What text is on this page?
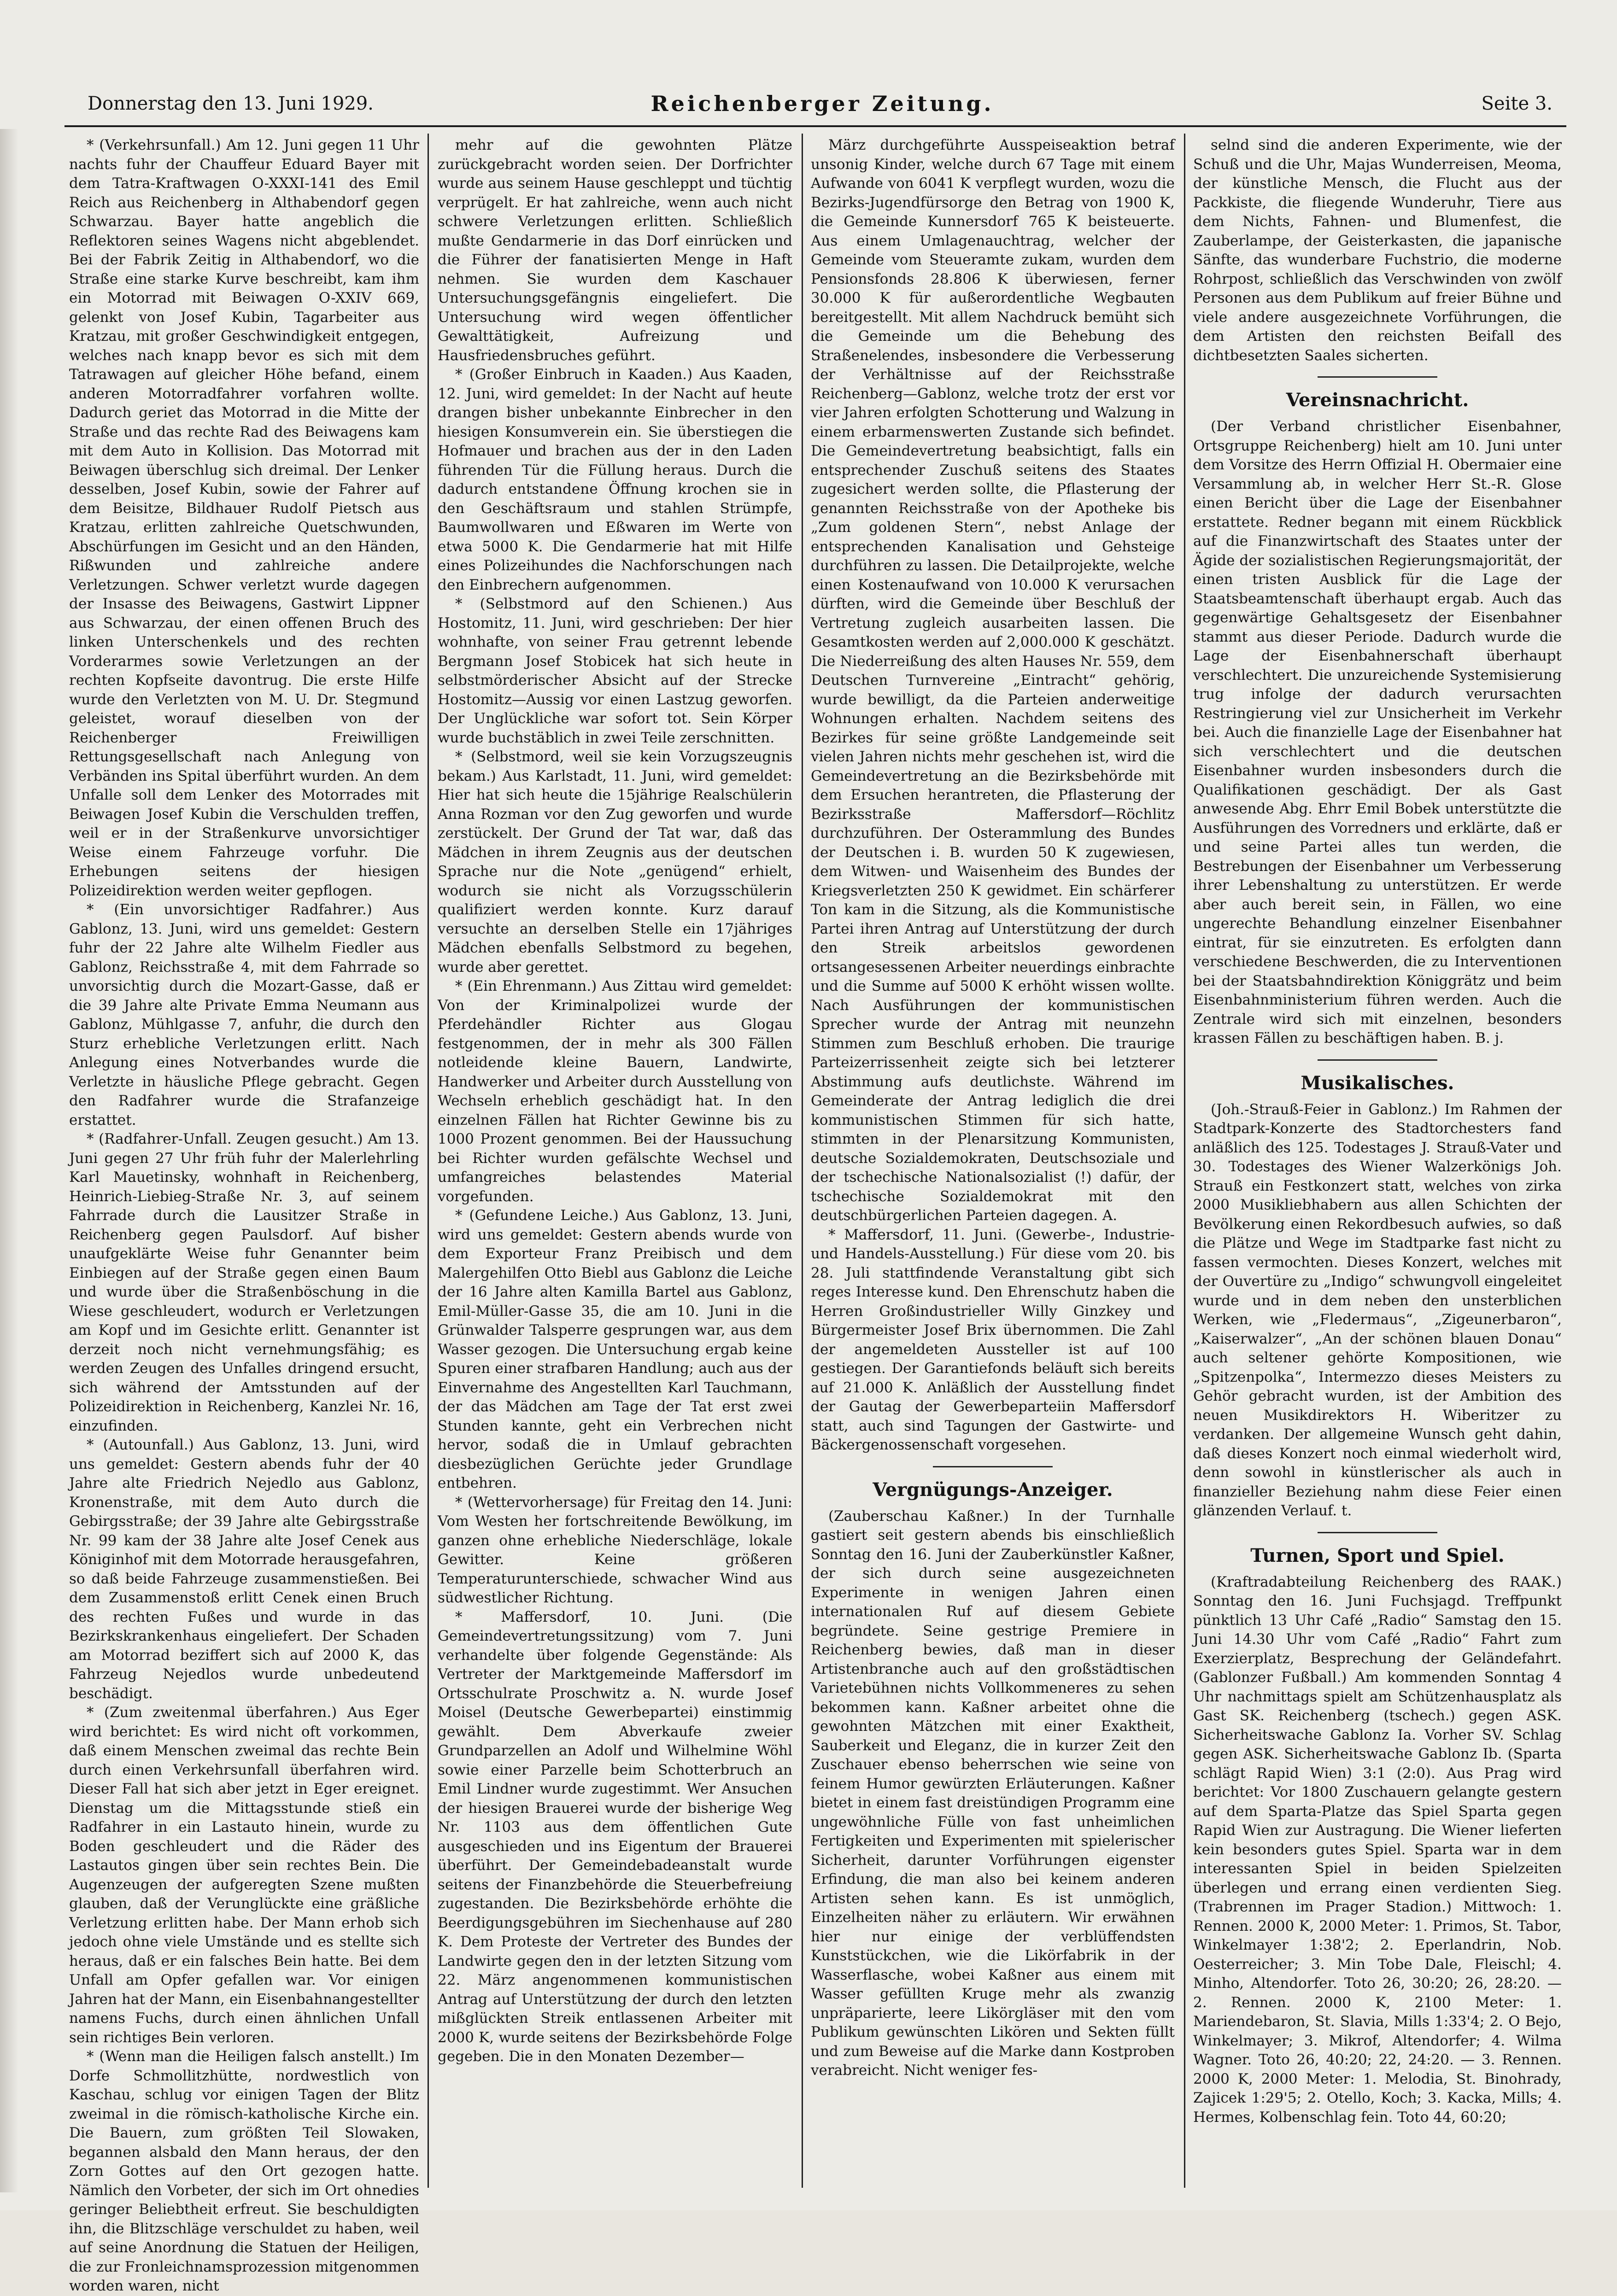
Donnerstag den 13. Juni 1929.	Reichenberger Zeitung.	Seite 3.

* (Verkehrsunfall.) Am 12. Juni gegen 11 Uhr nachts fuhr der Chauffeur Eduard Bayer mit dem Tatra-Kraftwagen O-XXXI-141 des Emil Reich aus Reichenberg in Althabendorf gegen Schwarzau. Bayer hatte angeblich die Reflektoren seines Wagens nicht abgeblendet. Bei der Fabrik Zeitig in Althabendorf, wo die Straße eine starke Kurve beschreibt, kam ihm ein Motorrad mit Beiwagen O-XXIV 669, gelenkt von Josef Kubin, Tagarbeiter aus Kratzau, mit großer Geschwindigkeit entgegen, welches nach knapp bevor es sich mit dem Tatrawagen auf gleicher Höhe befand, einem anderen Motorradfahrer vorfahren wollte. Dadurch geriet das Motorrad in die Mitte der Straße und das rechte Rad des Beiwagens kam mit dem Auto in Kollision. Das Motorrad mit Beiwagen überschlug sich dreimal. Der Lenker desselben, Josef Kubin, sowie der Fahrer auf dem Beisitze, Bildhauer Rudolf Pietsch aus Kratzau, erlitten zahlreiche Quetschwunden, Abschürfungen im Gesicht und an den Händen, Rißwunden und zahlreiche andere Verletzungen. Schwer verletzt wurde dagegen der Insasse des Beiwagens, Gastwirt Lippner aus Schwarzau, der einen offenen Bruch des linken Unterschenkels und des rechten Vorderarmes sowie Verletzungen an der rechten Kopfseite davontrug. Die erste Hilfe wurde den Verletzten von M. U. Dr. Stegmund geleistet, worauf dieselben von der Reichenberger Freiwilligen Rettungsgesellschaft nach Anlegung von Verbänden ins Spital überführt wurden. An dem Unfalle soll dem Lenker des Motorrades mit Beiwagen Josef Kubin die Verschulden treffen, weil er in der Straßenkurve unvorsichtiger Weise einem Fahrzeuge vorfuhr. Die Erhebungen seitens der hiesigen Polizeidirektion werden weiter gepflogen.

* (Ein unvorsichtiger Radfahrer.) Aus Gablonz, 13. Juni, wird uns gemeldet: Gestern fuhr der 22 Jahre alte Wilhelm Fiedler aus Gablonz, Reichsstraße 4, mit dem Fahrrade so unvorsichtig durch die Mozart-Gasse, daß er die 39 Jahre alte Private Emma Neumann aus Gablonz, Mühlgasse 7, anfuhr, die durch den Sturz erhebliche Verletzungen erlitt. Nach Anlegung eines Notverbandes wurde die Verletzte in häusliche Pflege gebracht. Gegen den Radfahrer wurde die Strafanzeige erstattet.

* (Radfahrer-Unfall. Zeugen gesucht.) Am 13. Juni gegen 27 Uhr früh fuhr der Malerlehrling Karl Mauetinsky, wohnhaft in Reichenberg, Heinrich-Liebieg-Straße Nr. 3, auf seinem Fahrrade durch die Lausitzer Straße in Reichenberg gegen Paulsdorf. Auf bisher unaufgeklärte Weise fuhr Genannter beim Einbiegen auf der Straße gegen einen Baum und wurde über die Straßenböschung in die Wiese geschleudert, wodurch er Verletzungen am Kopf und im Gesichte erlitt. Genannter ist derzeit noch nicht vernehmungsfähig; es werden Zeugen des Unfalles dringend ersucht, sich während der Amtsstunden auf der Polizeidirektion in Reichenberg, Kanzlei Nr. 16, einzufinden.

* (Autounfall.) Aus Gablonz, 13. Juni, wird uns gemeldet: Gestern abends fuhr der 40 Jahre alte Friedrich Nejedlo aus Gablonz, Kronenstraße, mit dem Auto durch die Gebirgsstraße; der 39 Jahre alte Gebirgsstraße Nr. 99 kam der 38 Jahre alte Josef Cenek aus Königinhof mit dem Motorrade herausgefahren, so daß beide Fahrzeuge zusammenstießen. Bei dem Zusammenstoß erlitt Cenek einen Bruch des rechten Fußes und wurde in das Bezirkskrankenhaus eingeliefert. Der Schaden am Motorrad beziffert sich auf 2000 K, das Fahrzeug Nejedlos wurde unbedeutend beschädigt.

* (Zum zweitenmal überfahren.) Aus Eger wird berichtet: Es wird nicht oft vorkommen, daß einem Menschen zweimal das rechte Bein durch einen Verkehrsunfall überfahren wird. Dieser Fall hat sich aber jetzt in Eger ereignet. Dienstag um die Mittagsstunde stieß ein Radfahrer in ein Lastauto hinein, wurde zu Boden geschleudert und die Räder des Lastautos gingen über sein rechtes Bein. Die Augenzeugen der aufgeregten Szene mußten glauben, daß der Verunglückte eine gräßliche Verletzung erlitten habe. Der Mann erhob sich jedoch ohne viele Umstände und es stellte sich heraus, daß er ein falsches Bein hatte. Bei dem Unfall am Opfer gefallen war. Vor einigen Jahren hat der Mann, ein Eisenbahnangestellter namens Fuchs, durch einen ähnlichen Unfall sein richtiges Bein verloren.

* (Wenn man die Heiligen falsch anstellt.) Im Dorfe Schmollitzhütte, nordwestlich von Kaschau, schlug vor einigen Tagen der Blitz zweimal in die römisch-katholische Kirche ein. Die Bauern, zum größten Teil Slowaken, begannen alsbald den Mann heraus, der den Zorn Gottes auf den Ort gezogen hatte. Nämlich den Vorbeter, der sich im Ort ohnedies geringer Beliebtheit erfreut. Sie beschuldigten ihn, die Blitzschläge verschuldet zu haben, weil auf seine Anordnung die Statuen der Heiligen, die zur Fronleichnamsprozession mitgenommen worden waren, nicht

mehr auf die gewohnten Plätze zurückgebracht worden seien. Der Dorfrichter wurde aus seinem Hause geschleppt und tüchtig verprügelt. Er hat zahlreiche, wenn auch nicht schwere Verletzungen erlitten. Schließlich mußte Gendarmerie in das Dorf einrücken und die Führer der fanatisierten Menge in Haft nehmen. Sie wurden dem Kaschauer Untersuchungsgefängnis eingeliefert. Die Untersuchung wird wegen öffentlicher Gewalttätigkeit, Aufreizung und Hausfriedensbruches geführt.

* (Großer Einbruch in Kaaden.) Aus Kaaden, 12. Juni, wird gemeldet: In der Nacht auf heute drangen bisher unbekannte Einbrecher in den hiesigen Konsumverein ein. Sie überstiegen die Hofmauer und brachen aus der in den Laden führenden Tür die Füllung heraus. Durch die dadurch entstandene Öffnung krochen sie in den Geschäftsraum und stahlen Strümpfe, Baumwollwaren und Eßwaren im Werte von etwa 5000 K. Die Gendarmerie hat mit Hilfe eines Polizeihundes die Nachforschungen nach den Einbrechern aufgenommen.

* (Selbstmord auf den Schienen.) Aus Hostomitz, 11. Juni, wird geschrieben: Der hier wohnhafte, von seiner Frau getrennt lebende Bergmann Josef Stobicek hat sich heute in selbstmörderischer Absicht auf der Strecke Hostomitz—Aussig vor einen Lastzug geworfen. Der Unglückliche war sofort tot. Sein Körper wurde buchstäblich in zwei Teile zerschnitten.

* (Selbstmord, weil sie kein Vorzugszeugnis bekam.) Aus Karlstadt, 11. Juni, wird gemeldet: Hier hat sich heute die 15jährige Realschülerin Anna Rozman vor den Zug geworfen und wurde zerstückelt. Der Grund der Tat war, daß das Mädchen in ihrem Zeugnis aus der deutschen Sprache nur die Note „genügend“ erhielt, wodurch sie nicht als Vorzugsschülerin qualifiziert werden konnte. Kurz darauf versuchte an derselben Stelle ein 17jähriges Mädchen ebenfalls Selbstmord zu begehen, wurde aber gerettet.

* (Ein Ehrenmann.) Aus Zittau wird gemeldet: Von der Kriminalpolizei wurde der Pferdehändler Richter aus Glogau festgenommen, der in mehr als 300 Fällen notleidende kleine Bauern, Landwirte, Handwerker und Arbeiter durch Ausstellung von Wechseln erheblich geschädigt hat. In den einzelnen Fällen hat Richter Gewinne bis zu 1000 Prozent genommen. Bei der Haussuchung bei Richter wurden gefälschte Wechsel und umfangreiches belastendes Material vorgefunden.

* (Gefundene Leiche.) Aus Gablonz, 13. Juni, wird uns gemeldet: Gestern abends wurde von dem Exporteur Franz Preibisch und dem Malergehilfen Otto Biebl aus Gablonz die Leiche der 16 Jahre alten Kamilla Bartel aus Gablonz, Emil-Müller-Gasse 35, die am 10. Juni in die Grünwalder Talsperre gesprungen war, aus dem Wasser gezogen. Die Untersuchung ergab keine Spuren einer strafbaren Handlung; auch aus der Einvernahme des Angestellten Karl Tauchmann, der das Mädchen am Tage der Tat erst zwei Stunden kannte, geht ein Verbrechen nicht hervor, sodaß die in Umlauf gebrachten diesbezüglichen Gerüchte jeder Grundlage entbehren.

* (Wettervorhersage) für Freitag den 14. Juni: Vom Westen her fortschreitende Bewölkung, im ganzen ohne erhebliche Niederschläge, lokale Gewitter. Keine größeren Temperaturunterschiede, schwacher Wind aus südwestlicher Richtung.

* Maffersdorf, 10. Juni. (Die Gemeindevertretungssitzung) vom 7. Juni verhandelte über folgende Gegenstände: Als Vertreter der Marktgemeinde Maffersdorf im Ortsschulrate Proschwitz a. N. wurde Josef Moisel (Deutsche Gewerbepartei) einstimmig gewählt. Dem Abverkaufe zweier Grundparzellen an Adolf und Wilhelmine Wöhl sowie einer Parzelle beim Schotterbruch an Emil Lindner wurde zugestimmt. Wer Ansuchen der hiesigen Brauerei wurde der bisherige Weg Nr. 1103 aus dem öffentlichen Gute ausgeschieden und ins Eigentum der Brauerei überführt. Der Gemeindebadeanstalt wurde seitens der Finanzbehörde die Steuerbefreiung zugestanden. Die Bezirksbehörde erhöhte die Beerdigungsgebühren im Siechenhause auf 280 K. Dem Proteste der Vertreter des Bundes der Landwirte gegen den in der letzten Sitzung vom 22. März angenommenen kommunistischen Antrag auf Unterstützung der durch den letzten mißglückten Streik entlassenen Arbeiter mit 2000 K, wurde seitens der Bezirksbehörde Folge gegeben. Die in den Monaten Dezember—

März durchgeführte Ausspeiseaktion betraf unsonig Kinder, welche durch 67 Tage mit einem Aufwande von 6041 K verpflegt wurden, wozu die Bezirks-Jugendfürsorge den Betrag von 1900 K, die Gemeinde Kunnersdorf 765 K beisteuerte. Aus einem Umlagenauchtrag, welcher der Gemeinde vom Steueramte zukam, wurden dem Pensionsfonds 28.806 K überwiesen, ferner 30.000 K für außerordentliche Wegbauten bereitgestellt. Mit allem Nachdruck bemüht sich die Gemeinde um die Behebung des Straßenelendes, insbesondere die Verbesserung der Verhältnisse auf der Reichsstraße Reichenberg—Gablonz, welche trotz der erst vor vier Jahren erfolgten Schotterung und Walzung in einem erbarmenswerten Zustande sich befindet. Die Gemeindevertretung beabsichtigt, falls ein entsprechender Zuschuß seitens des Staates zugesichert werden sollte, die Pflasterung der genannten Reichsstraße von der Apotheke bis „Zum goldenen Stern“, nebst Anlage der entsprechenden Kanalisation und Gehsteige durchführen zu lassen. Die Detailprojekte, welche einen Kostenaufwand von 10.000 K verursachen dürften, wird die Gemeinde über Beschluß der Vertretung zugleich ausarbeiten lassen. Die Gesamtkosten werden auf 2,000.000 K geschätzt. Die Niederreißung des alten Hauses Nr. 559, dem Deutschen Turnvereine „Eintracht“ gehörig, wurde bewilligt, da die Parteien anderweitige Wohnungen erhalten. Nachdem seitens des Bezirkes für seine größte Landgemeinde seit vielen Jahren nichts mehr geschehen ist, wird die Gemeindevertretung an die Bezirksbehörde mit dem Ersuchen herantreten, die Pflasterung der Bezirksstraße Maffersdorf—Röchlitz durchzuführen. Der Osterammlung des Bundes der Deutschen i. B. wurden 50 K zugewiesen, dem Witwen- und Waisenheim des Bundes der Kriegsverletzten 250 K gewidmet. Ein schärferer Ton kam in die Sitzung, als die Kommunistische Partei ihren Antrag auf Unterstützung der durch den Streik arbeitslos gewordenen ortsangesessenen Arbeiter neuerdings einbrachte und die Summe auf 5000 K erhöht wissen wollte. Nach Ausführungen der kommunistischen Sprecher wurde der Antrag mit neunzehn Stimmen zum Beschluß erhoben. Die traurige Parteizerrissenheit zeigte sich bei letzterer Abstimmung aufs deutlichste. Während im Gemeinderate der Antrag lediglich die drei kommunistischen Stimmen für sich hatte, stimmten in der Plenarsitzung Kommunisten, deutsche Sozialdemokraten, Deutschsoziale und der tschechische Nationalsozialist (!) dafür, der tschechische Sozialdemokrat mit den deutschbürgerlichen Parteien dagegen. A.

* Maffersdorf, 11. Juni. (Gewerbe-, Industrie- und Handels-Ausstellung.) Für diese vom 20. bis 28. Juli stattfindende Veranstaltung gibt sich reges Interesse kund. Den Ehrenschutz haben die Herren Großindustrieller Willy Ginzkey und Bürgermeister Josef Brix übernommen. Die Zahl der angemeldeten Aussteller ist auf 100 gestiegen. Der Garantiefonds beläuft sich bereits auf 21.000 K. Anläßlich der Ausstellung findet der Gautag der Gewerbeparteiin Maffersdorf statt, auch sind Tagungen der Gastwirte- und Bäckergenossenschaft vorgesehen.

Vergnügungs-Anzeiger.

(Zauberschau Kaßner.) In der Turnhalle gastiert seit gestern abends bis einschließlich Sonntag den 16. Juni der Zauberkünstler Kaßner, der sich durch seine ausgezeichneten Experimente in wenigen Jahren einen internationalen Ruf auf diesem Gebiete begründete. Seine gestrige Premiere in Reichenberg bewies, daß man in dieser Artistenbranche auch auf den großstädtischen Varietebühnen nichts Vollkommeneres zu sehen bekommen kann. Kaßner arbeitet ohne die gewohnten Mätzchen mit einer Exaktheit, Sauberkeit und Eleganz, die in kurzer Zeit den Zuschauer ebenso beherrschen wie seine von feinem Humor gewürzten Erläuterungen. Kaßner bietet in einem fast dreistündigen Programm eine ungewöhnliche Fülle von fast unheimlichen Fertigkeiten und Experimenten mit spielerischer Sicherheit, darunter Vorführungen eigenster Erfindung, die man also bei keinem anderen Artisten sehen kann. Es ist unmöglich, Einzelheiten näher zu erläutern. Wir erwähnen hier nur einige der verblüffendsten Kunststückchen, wie die Likörfabrik in der Wasserflasche, wobei Kaßner aus einem mit Wasser gefüllten Kruge mehr als zwanzig unpräparierte, leere Likörgläser mit den vom Publikum gewünschten Likören und Sekten füllt und zum Beweise auf die Marke dann Kostproben verabreicht. Nicht weniger fes-

selnd sind die anderen Experimente, wie der Schuß und die Uhr, Majas Wunderreisen, Meoma, der künstliche Mensch, die Flucht aus der Packkiste, die fliegende Wunderuhr, Tiere aus dem Nichts, Fahnen- und Blumenfest, die Zauberlampe, der Geisterkasten, die japanische Sänfte, das wunderbare Fuchstrio, die moderne Rohrpost, schließlich das Verschwinden von zwölf Personen aus dem Publikum auf freier Bühne und viele andere ausgezeichnete Vorführungen, die dem Artisten den reichsten Beifall des dichtbesetzten Saales sicherten.

Vereinsnachricht.

(Der Verband christlicher Eisenbahner, Ortsgruppe Reichenberg) hielt am 10. Juni unter dem Vorsitze des Herrn Offizial H. Obermaier eine Versammlung ab, in welcher Herr St.-R. Glose einen Bericht über die Lage der Eisenbahner erstattete. Redner begann mit einem Rückblick auf die Finanzwirtschaft des Staates unter der Ägide der sozialistischen Regierungsmajorität, der einen tristen Ausblick für die Lage der Staatsbeamtenschaft überhaupt ergab. Auch das gegenwärtige Gehaltsgesetz der Eisenbahner stammt aus dieser Periode. Dadurch wurde die Lage der Eisenbahnerschaft überhaupt verschlechtert. Die unzureichende Systemisierung trug infolge der dadurch verursachten Restringierung viel zur Unsicherheit im Verkehr bei. Auch die finanzielle Lage der Eisenbahner hat sich verschlechtert und die deutschen Eisenbahner wurden insbesonders durch die Qualifikationen geschädigt. Der als Gast anwesende Abg. Ehrr Emil Bobek unterstützte die Ausführungen des Vorredners und erklärte, daß er und seine Partei alles tun werden, die Bestrebungen der Eisenbahner um Verbesserung ihrer Lebenshaltung zu unterstützen. Er werde aber auch bereit sein, in Fällen, wo eine ungerechte Behandlung einzelner Eisenbahner eintrat, für sie einzutreten. Es erfolgten dann verschiedene Beschwerden, die zu Interventionen bei der Staatsbahndirektion Königgrätz und beim Eisenbahnministerium führen werden. Auch die Zentrale wird sich mit einzelnen, besonders krassen Fällen zu beschäftigen haben. B. j.

Musikalisches.

(Joh.-Strauß-Feier in Gablonz.) Im Rahmen der Stadtpark-Konzerte des Stadtorchesters fand anläßlich des 125. Todestages J. Strauß-Vater und 30. Todestages des Wiener Walzerkönigs Joh. Strauß ein Festkonzert statt, welches von zirka 2000 Musikliebhabern aus allen Schichten der Bevölkerung einen Rekordbesuch aufwies, so daß die Plätze und Wege im Stadtparke fast nicht zu fassen vermochten. Dieses Konzert, welches mit der Ouvertüre zu „Indigo“ schwungvoll eingeleitet wurde und in dem neben den unsterblichen Werken, wie „Fledermaus“, „Zigeunerbaron“, „Kaiserwalzer“, „An der schönen blauen Donau“ auch seltener gehörte Kompositionen, wie „Spitzenpolka“, Intermezzo dieses Meisters zu Gehör gebracht wurden, ist der Ambition des neuen Musikdirektors H. Wiberitzer zu verdanken. Der allgemeine Wunsch geht dahin, daß dieses Konzert noch einmal wiederholt wird, denn sowohl in künstlerischer als auch in finanzieller Beziehung nahm diese Feier einen glänzenden Verlauf. t.

Turnen, Sport und Spiel.

(Kraftradabteilung Reichenberg des RAAK.) Sonntag den 16. Juni Fuchsjagd. Treffpunkt pünktlich 13 Uhr Café „Radio“ Samstag den 15. Juni 14.30 Uhr vom Café „Radio“ Fahrt zum Exerzierplatz, Besprechung der Geländefahrt. (Gablonzer Fußball.) Am kommenden Sonntag 4 Uhr nachmittags spielt am Schützenhausplatz als Gast SK. Reichenberg (tschech.) gegen ASK. Sicherheitswache Gablonz Ia. Vorher SV. Schlag gegen ASK. Sicherheitswache Gablonz Ib. (Sparta schlägt Rapid Wien) 3:1 (2:0). Aus Prag wird berichtet: Vor 1800 Zuschauern gelangte gestern auf dem Sparta-Platze das Spiel Sparta gegen Rapid Wien zur Austragung. Die Wiener lieferten kein besonders gutes Spiel. Sparta war in dem interessanten Spiel in beiden Spielzeiten überlegen und errang einen verdienten Sieg. (Trabrennen im Prager Stadion.) Mittwoch: 1. Rennen. 2000 K, 2000 Meter: 1. Primos, St. Tabor, Winkelmayer 1:38'2; 2. Eperlandrin, Nob. Oesterreicher; 3. Min Tobe Dale, Fleischl; 4. Minho, Altendorfer. Toto 26, 30:20; 26, 28:20. — 2. Rennen. 2000 K, 2100 Meter: 1. Mariendebaron, St. Slavia, Mills 1:33'4; 2. O Bejo, Winkelmayer; 3. Mikrof, Altendorfer; 4. Wilma Wagner. Toto 26, 40:20; 22, 24:20. — 3. Rennen. 2000 K, 2000 Meter: 1. Melodia, St. Binohrady, Zajicek 1:29'5; 2. Otello, Koch; 3. Kacka, Mills; 4. Hermes, Kolbenschlag fein. Toto 44, 60:20;
